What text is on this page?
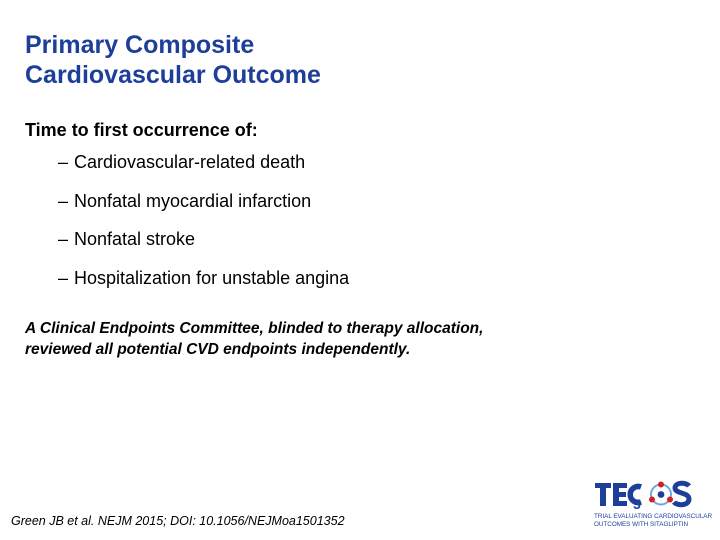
Primary Composite
Cardiovascular Outcome
Time to first occurrence of:
– Cardiovascular-related death
– Nonfatal myocardial infarction
– Nonfatal stroke
– Hospitalization for unstable angina
A Clinical Endpoints Committee, blinded to therapy allocation,
reviewed all potential CVD endpoints independently.
Green JB et al. NEJM 2015; DOI: 10.1056/NEJMoa1501352	TRIAL EVALUATING CARDIOVASCULAR
OUTCOMES WITH SITAGLIPTIN
5
